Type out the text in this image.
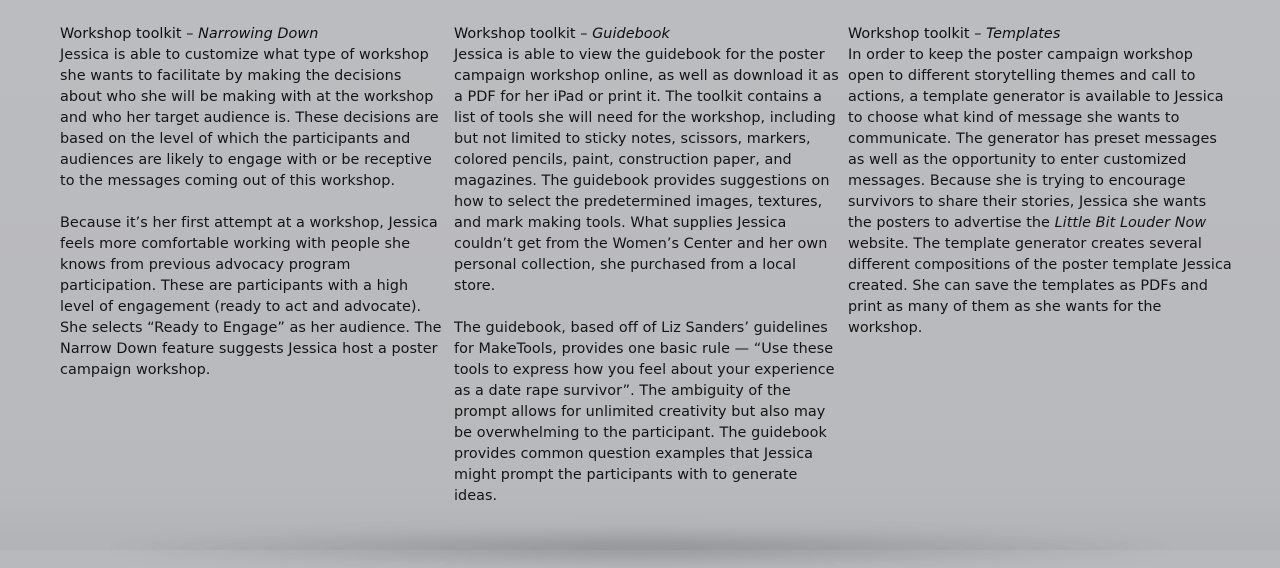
Workshop toolkit – Narrowing Down

Jessica is able to customize what type of workshop she wants to facilitate by making the decisions about who she will be making with at the workshop and who her target audience is. These decisions are based on the level of which the participants and audiences are likely to engage with or be receptive to the messages coming out of this workshop.

Because it’s her first attempt at a workshop, Jessica feels more comfortable working with people she knows from previous advocacy program participation. These are participants with a high level of engagement (ready to act and advocate). She selects “Ready to Engage” as her audience. The Narrow Down feature suggests Jessica host a poster campaign workshop.

Workshop toolkit – Guidebook

Jessica is able to view the guidebook for the poster campaign workshop online, as well as download it as a PDF for her iPad or print it. The toolkit contains a list of tools she will need for the workshop, including but not limited to sticky notes, scissors, markers, colored pencils, paint, construction paper, and magazines. The guidebook provides suggestions on how to select the predetermined images, textures, and mark making tools. What supplies Jessica couldn’t get from the Women’s Center and her own personal collection, she purchased from a local store.

The guidebook, based off of Liz Sanders’ guidelines for MakeTools, provides one basic rule — “Use these tools to express how you feel about your experience as a date rape survivor”. The ambiguity of the prompt allows for unlimited creativity but also may be overwhelming to the participant. The guidebook provides common question examples that Jessica might prompt the participants with to generate ideas.

Workshop toolkit – Templates

In order to keep the poster campaign workshop open to different storytelling themes and call to actions, a template generator is available to Jessica to choose what kind of message she wants to communicate. The generator has preset messages as well as the opportunity to enter customized messages. Because she is trying to encourage survivors to share their stories, Jessica she wants the posters to advertise the Little Bit Louder Now website. The template generator creates several different compositions of the poster template Jessica created. She can save the templates as PDFs and print as many of them as she wants for the workshop.
